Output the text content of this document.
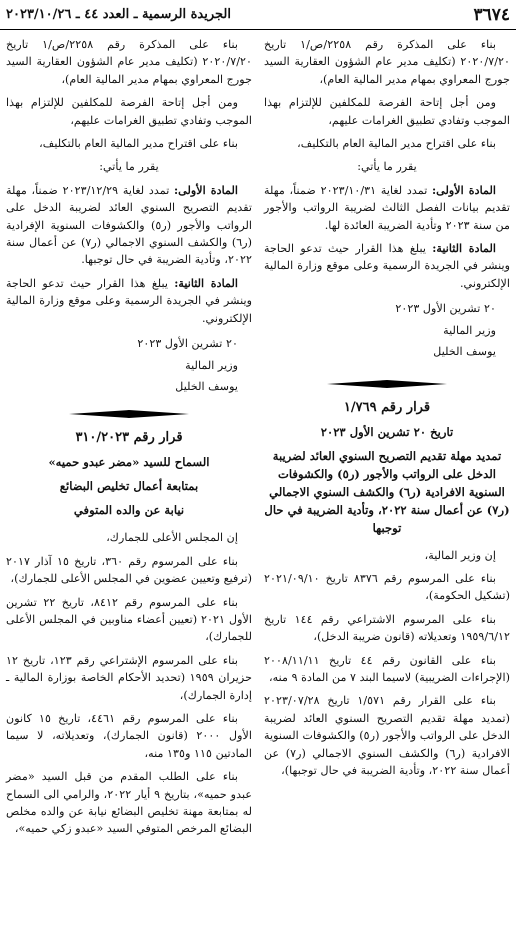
٣٦٧٤
الجريدة الرسمية ـ العدد ٤٤ ـ ٢٠٢٣/١٠/٢٦

بناء على المذكرة رقم ٢٢٥٨/ص/١ تاريخ ٢٠٢٠/٧/٢٠ (تكليف مدير عام الشؤون العقارية السيد جورج المعراوي بمهام مدير المالية العام)،

ومن أجل إتاحة الفرصة للمكلفين للإلتزام بهذا الموجب وتفادي تطبيق الغرامات عليهم،

بناء على اقتراح مدير المالية العام بالتكليف،

يقرر ما يأتي:

المادة الأولى: تمدد لغاية ٢٠٢٣/١٠/٣١ ضمناً، مهلة تقديم بيانات الفصل الثالث لضريبة الرواتب والأجور من سنة ٢٠٢٣ وتأدية الضريبة العائدة لها.

المادة الثانية: يبلغ هذا القرار حيث تدعو الحاجة وينشر في الجريدة الرسمية وعلى موقع وزارة المالية الإلكتروني.

٢٠ تشرين الأول ٢٠٢٣

وزير المالية

يوسف الخليل

قرار رقم ١/٧٦٩

تاريخ ٢٠ تشرين الأول ٢٠٢٣

تمديد مهلة تقديم التصريح السنوي العائد لضريبة الدخل على الرواتب والأجور (ر٥) والكشوفات السنوية الافرادية (ر٦) والكشف السنوي الاجمالي (ر٧) عن أعمال سنة ٢٠٢٢، وتأدية الضريبة في حال توجبها

إن وزير المالية،

بناء على المرسوم رقم ٨٣٧٦ تاريخ ٢٠٢١/٠٩/١٠ (تشكيل الحكومة)،

بناء على المرسوم الاشتراعي رقم ١٤٤ تاريخ ١٩٥٩/٦/١٢ وتعديلاته (قانون ضريبة الدخل)،

بناء على القانون رقم ٤٤ تاريخ ٢٠٠٨/١١/١١ (الإجراءات الضريبية) لاسيما البند ٧ من المادة ٩ منه،

بناء على القرار رقم ١/٥٧١ تاريخ ٢٠٢٣/٠٧/٢٨ (تمديد مهلة تقديم التصريح السنوي العائد لضريبة الدخل على الرواتب والأجور (ر٥) والكشوفات السنوية الافرادية (ر٦) والكشف السنوي الاجمالي (ر٧) عن أعمال سنة ٢٠٢٢، وتأدية الضريبة في حال توجبها)،

بناء على المذكرة رقم ٢٢٥٨/ص/١ تاريخ ٢٠٢٠/٧/٢٠ (تكليف مدير عام الشؤون العقارية السيد جورج المعراوي بمهام مدير المالية العام)،

ومن أجل إتاحة الفرصة للمكلفين للإلتزام بهذا الموجب وتفادي تطبيق الغرامات عليهم،

بناء على اقتراح مدير المالية العام بالتكليف،

يقرر ما يأتي:

المادة الأولى: تمدد لغاية ٢٠٢٣/١٢/٢٩ ضمناً، مهلة تقديم التصريح السنوي العائد لضريبة الدخل على الرواتب والأجور (ر٥) والكشوفات السنوية الإفرادية (ر٦) والكشف السنوي الاجمالي (ر٧) عن أعمال سنة ٢٠٢٢، وتأدية الضريبة في حال توجبها.

المادة الثانية: يبلغ هذا القرار حيث تدعو الحاجة وينشر في الجريدة الرسمية وعلى موقع وزارة المالية الإلكتروني.

٢٠ تشرين الأول ٢٠٢٣

وزير المالية

يوسف الخليل

قرار رقم ٣١٠/٢٠٢٣

السماح للسيد «مضر عبدو حميه»

بمتابعة أعمال تخليص البضائع

نيابة عن والده المتوفي

إن المجلس الأعلى للجمارك،

بناء على المرسوم رقم ٣٦٠، تاريخ ١٥ آذار ٢٠١٧ (ترفيع وتعيين عضوين في المجلس الأعلى للجمارك)،

بناء على المرسوم رقم ٨٤١٢، تاريخ ٢٢ تشرين الأول ٢٠٢١ (تعيين أعضاء مناوبين في المجلس الأعلى للجمارك)،

بناء على المرسوم الإشتراعي رقم ١٢٣، تاريخ ١٢ حزيران ١٩٥٩ (تحديد الأحكام الخاصة بوزارة المالية ـ إدارة الجمارك)،

بناء على المرسوم رقم ٤٤٦١، تاريخ ١٥ كانون الأول ٢٠٠٠ (قانون الجمارك)، وتعديلاته، لا سيما المادتين ١١٥ و١٣٥ منه،

بناء على الطلب المقدم من قبل السيد «مضر عبدو حميه»، بتاريخ ٩ أيار ٢٠٢٢، والرامي الى السماح له بمتابعة مهنة تخليص البضائع نيابة عن والده مخلص البضائع المرخص المتوفي السيد «عبدو زكي حميه»،
